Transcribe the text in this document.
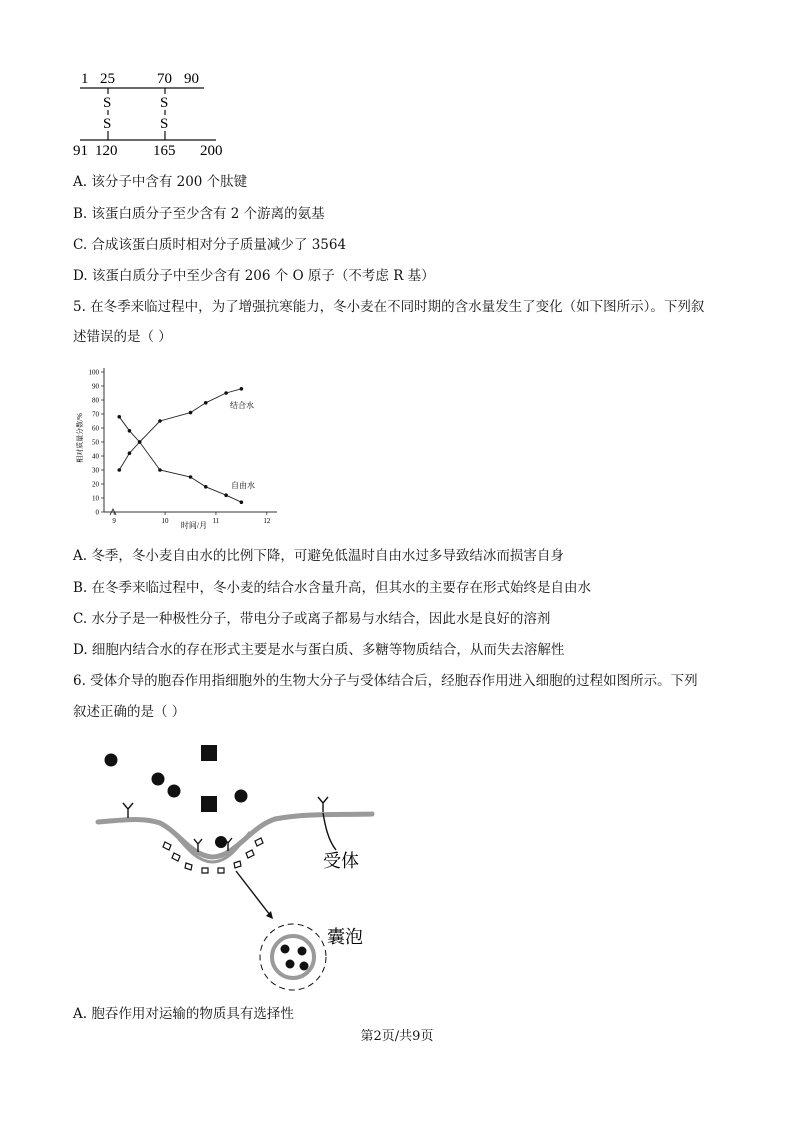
1 25	70 90
S	S
S	S
91 120 165 200
A. 该分子中含有 200 个肽键
B. 该蛋白质分子至少含有 2 个游离的氨基
C. 合成该蛋白质时相对分子质量减少了 3564
D. 该蛋白质分子中至少含有 206 个 O 原子（不考虑 R 基）
5. 在冬季来临过程中，为了增强抗寒能力，冬小麦在不同时期的含水量发生了变化（如下图所示）。下列叙
述错误的是（ ）
0
10
20
30
40
50
60
70
80
90
100
9	10	11	12
相对质量分数/%
时间/月
结合水
自由水
A. 冬季，冬小麦自由水的比例下降，可避免低温时自由水过多导致结冰而损害自身
B. 在冬季来临过程中，冬小麦的结合水含量升高，但其水的主要存在形式始终是自由水
C. 水分子是一种极性分子，带电分子或离子都易与水结合，因此水是良好的溶剂
D. 细胞内结合水的存在形式主要是水与蛋白质、多糖等物质结合，从而失去溶解性
6. 受体介导的胞吞作用指细胞外的生物大分子与受体结合后，经胞吞作用进入细胞的过程如图所示。下列
叙述正确的是（ ）
受体
囊泡
A. 胞吞作用对运输的物质具有选择性
第2页/共9页
